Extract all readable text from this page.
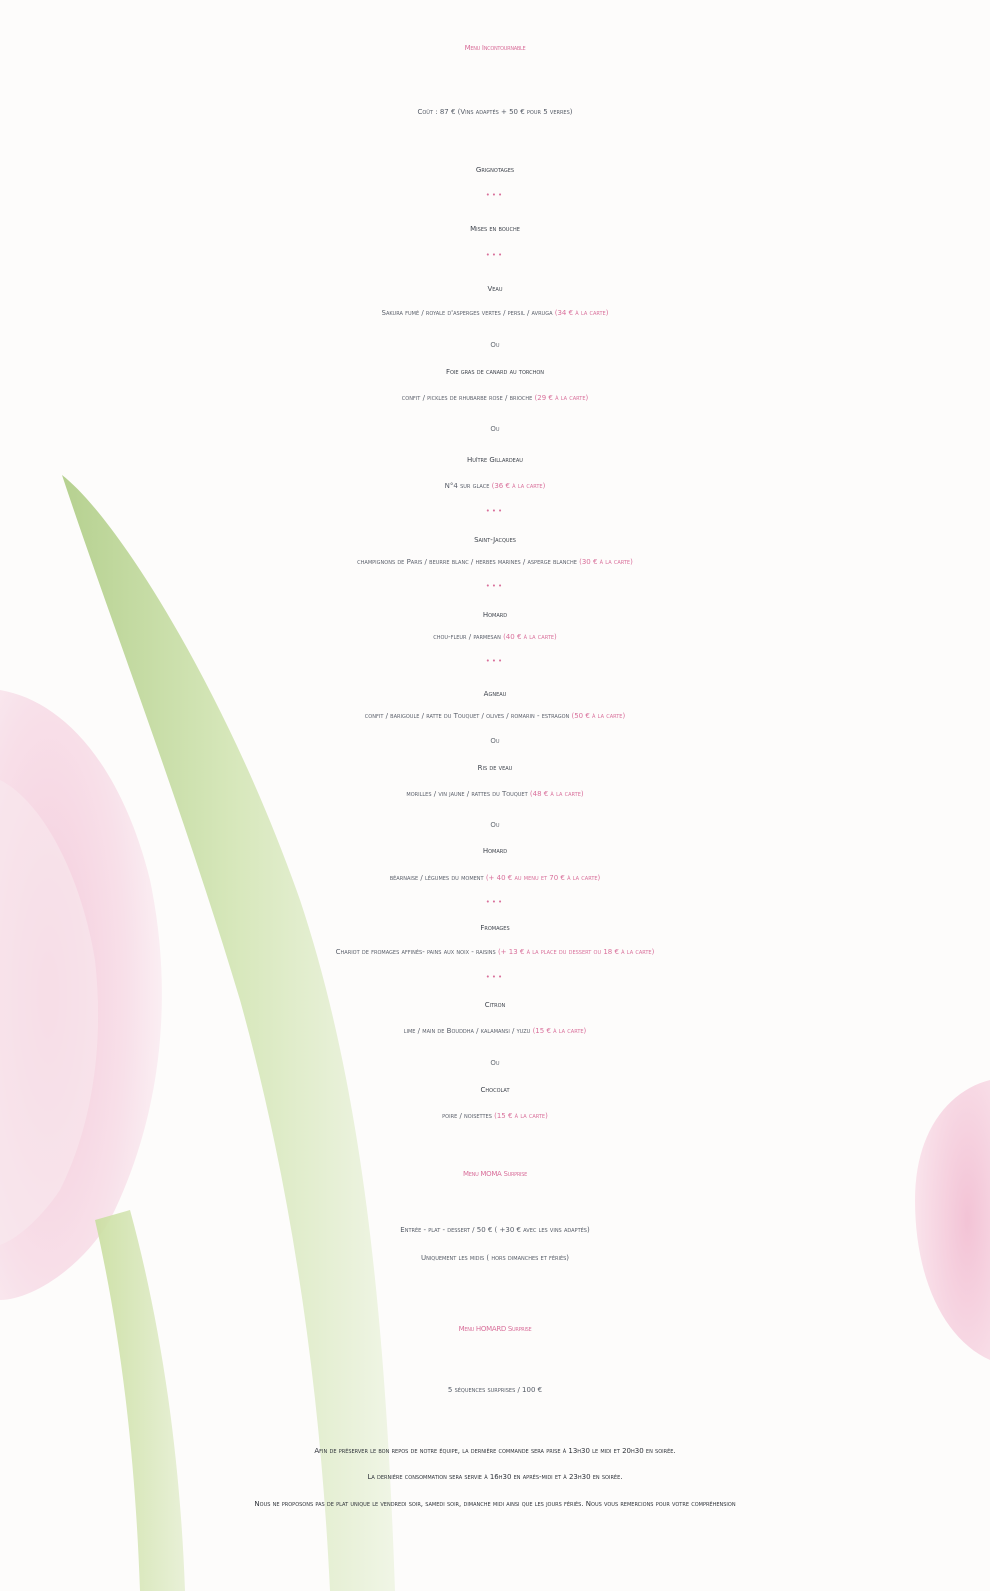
Menu Incontournable
Coût : 87 € (Vins adaptés + 50 € pour 5 verres)
Grignotages
•••
Mises en bouche
•••
Veau
Sakura fumé / royale d'asperges vertes / persil / avruga (34 € à la carte)
Ou
Foie gras de canard au torchon
confit / pickles de rhubarbe rose / brioche (29 € à la carte)
Ou
Huître Gillardeau
N°4 sur glace (36 € à la carte)
•••
Saint-Jacques
champignons de Paris / beurre blanc / herbes marines / asperge blanche (30 € à la carte)
•••
Homard
chou-fleur / parmesan (40 € à la carte)
•••
Agneau
confit / barigoule / ratte du Touquet / olives / romarin - estragon (50 € à la carte)
Ou
Ris de veau
morilles / vin jaune / rattes du Touquet (48 € à la carte)
Ou
Homard
béarnaise / légumes du moment (+ 40 € au menu et 70 € à la carte)
•••
Fromages
Chariot de fromages affinés- pains aux noix - raisins (+ 13 € à la place du dessert ou 18 € à la carte)
•••
Citron
lime / main de Bouddha / kalamansi / yuzu (15 € à la carte)
Ou
Chocolat
poire / noisettes (15 € à la carte)
Menu MOMA Surprise
Entrée - plat - dessert / 50 € ( +30 € avec les vins adaptés)
Uniquement les midis ( hors dimanches et fériés)
Menu HOMARD Surprise
5 séquences surprises / 100 €
Afin de préserver le bon repos de notre équipe, la dernière commande sera prise à 13h30 le midi et 20h30 en soirée.
La dernière consommation sera servie à 16h30 en après-midi et à 23h30 en soirée.
Nous ne proposons pas de plat unique le vendredi soir, samedi soir, dimanche midi ainsi que les jours fériés. Nous vous remercions pour votre compréhension
